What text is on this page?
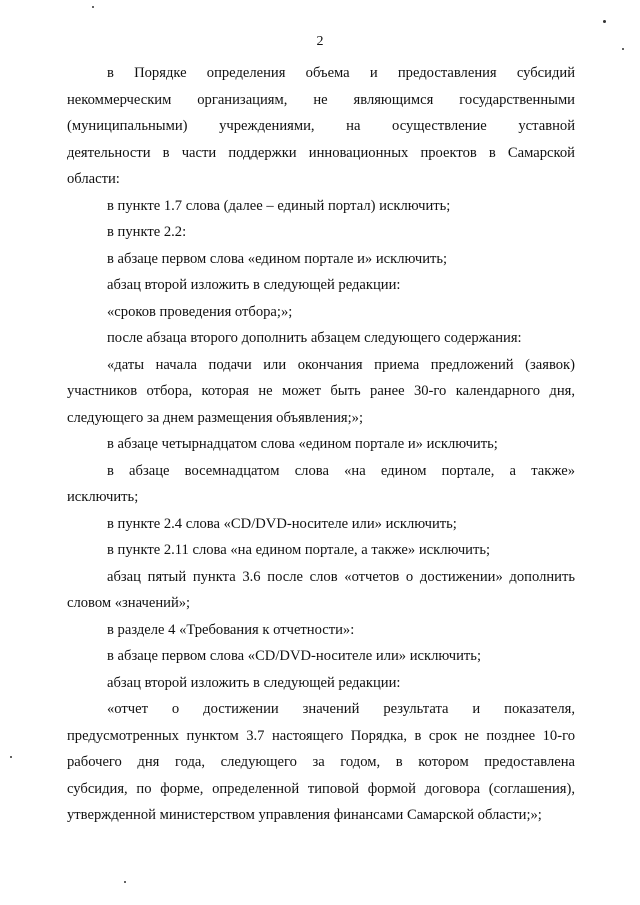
2

в Порядке определения объема и предоставления субсидий

некоммерческим организациям, не являющимся государственными

(муниципальными) учреждениями, на осуществление уставной

деятельности в части поддержки инновационных проектов в Самарской

области:

в пункте 1.7 слова (далее – единый портал) исключить;

в пункте 2.2:

в абзаце первом слова «едином портале и» исключить;

абзац второй изложить в следующей редакции:

«сроков проведения отбора;»;

после абзаца второго дополнить абзацем следующего содержания:

«даты начала подачи или окончания приема предложений (заявок)

участников отбора, которая не может быть ранее 30-го календарного дня,

следующего за днем размещения объявления;»;

в абзаце четырнадцатом слова «едином портале и» исключить;

в абзаце восемнадцатом слова «на едином портале, а также»

исключить;

в пункте 2.4 слова «CD/DVD-носителе или» исключить;

в пункте 2.11 слова «на едином портале, а также» исключить;

абзац пятый пункта 3.6 после слов «отчетов о достижении» дополнить

словом «значений»;

в разделе 4 «Требования к отчетности»:

в абзаце первом слова «CD/DVD-носителе или» исключить;

абзац второй изложить в следующей редакции:

«отчет о достижении значений результата и показателя,

предусмотренных пунктом 3.7 настоящего Порядка, в срок не позднее 10-го

рабочего дня года, следующего за годом, в котором предоставлена

субсидия, по форме, определенной типовой формой договора (соглашения),

утвержденной министерством управления финансами Самарской области;»;
